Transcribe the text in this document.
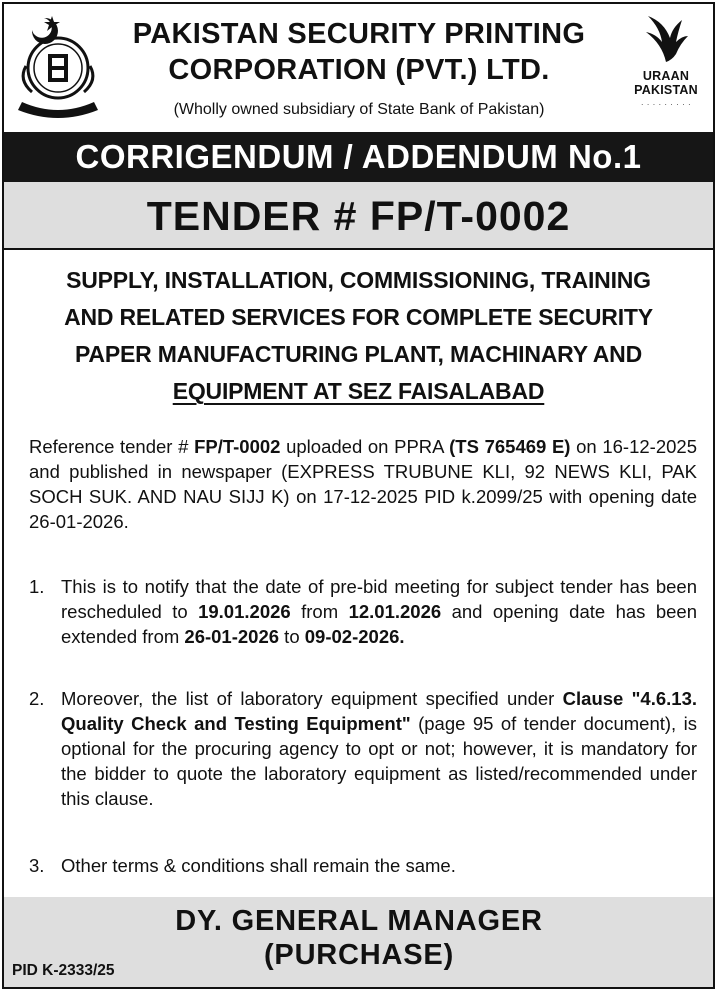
PAKISTAN SECURITY PRINTING
CORPORATION (PVT.) LTD.
(Wholly owned subsidiary of State Bank of Pakistan)
URAAN
PAKISTAN
· · · · · · · · ·
CORRIGENDUM / ADDENDUM No.1
TENDER # FP/T-0002
SUPPLY, INSTALLATION, COMMISSIONING, TRAINING
AND RELATED SERVICES FOR COMPLETE SECURITY
PAPER MANUFACTURING PLANT, MACHINARY AND
EQUIPMENT AT SEZ FAISALABAD
Reference tender # FP/T-0002 uploaded on PPRA (TS 765469 E) on 16-12-2025 and published in newspaper (EXPRESS TRUBUNE KLI, 92 NEWS KLI, PAK SOCH SUK. AND NAU SIJJ K) on 17-12-2025 PID k.2099/25 with opening date 26-01-2026.
1. This is to notify that the date of pre-bid meeting for subject tender has been rescheduled to 19.01.2026 from 12.01.2026 and opening date has been extended from 26-01-2026 to 09-02-2026.
2. Moreover, the list of laboratory equipment specified under Clause "4.6.13. Quality Check and Testing Equipment" (page 95 of tender document), is optional for the procuring agency to opt or not; however, it is mandatory for the bidder to quote the laboratory equipment as listed/recommended under this clause.
3. Other terms & conditions shall remain the same.
DY. GENERAL MANAGER
(PURCHASE)
PID K-2333/25
